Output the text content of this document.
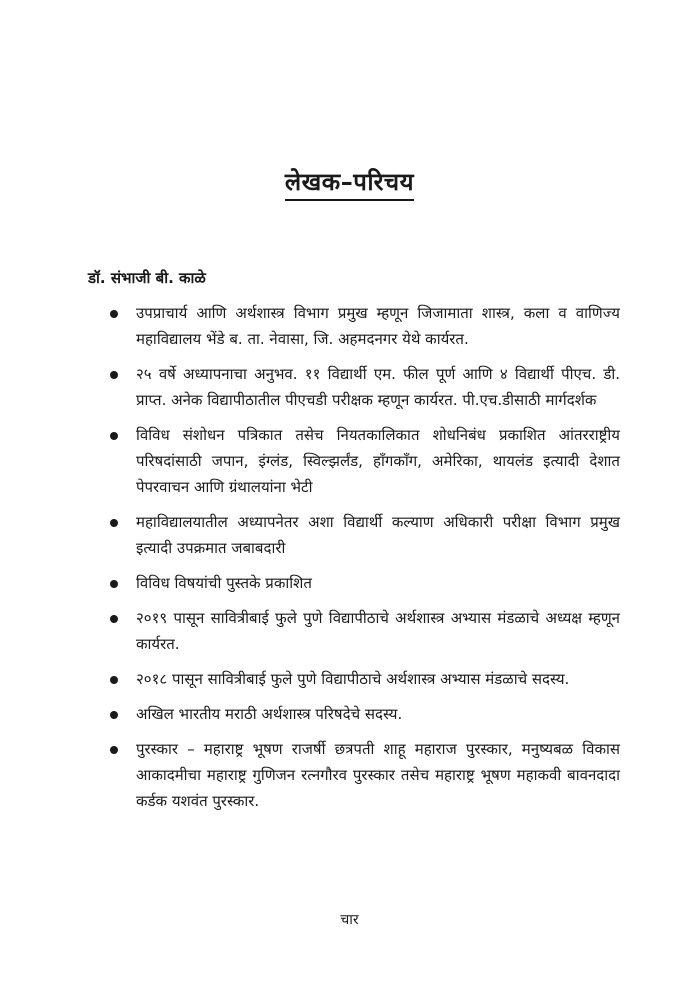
लेखक–परिचय
डॉ. संभाजी बी. काळे
उपप्राचार्य आणि अर्थशास्त्र विभाग प्रमुख म्हणून जिजामाता शास्त्र, कला व वाणिज्य महाविद्यालय भेंडे ब. ता. नेवासा, जि. अहमदनगर येथे कार्यरत.
२५ वर्षे अध्यापनाचा अनुभव. ११ विद्यार्थी एम. फील पूर्ण आणि ४ विद्यार्थी पीएच. डी. प्राप्त. अनेक विद्यापीठातील पीएचडी परीक्षक म्हणून कार्यरत. पी.एच.डीसाठी मार्गदर्शक
विविध संशोधन पत्रिकात तसेच नियतकालिकात शोधनिबंध प्रकाशित आंतरराष्ट्रीय परिषदांसाठी जपान, इंग्लंड, स्विल्झर्लंड, हाँगकाँग, अमेरिका, थायलंड इत्यादी देशात पेपरवाचन आणि ग्रंथालयांना भेटी
महाविद्यालयातील अध्यापनेतर अशा विद्यार्थी कल्याण अधिकारी परीक्षा विभाग प्रमुख इत्यादी उपक्रमात जबाबदारी
विविध विषयांची पुस्तके प्रकाशित
२०१९ पासून सावित्रीबाई फुले पुणे विद्यापीठाचे अर्थशास्त्र अभ्यास मंडळाचे अध्यक्ष म्हणून कार्यरत.
२०१८ पासून सावित्रीबाई फुले पुणे विद्यापीठाचे अर्थशास्त्र अभ्यास मंडळाचे सदस्य.
अखिल भारतीय मराठी अर्थशास्त्र परिषदेचे सदस्य.
पुरस्कार – महाराष्ट्र भूषण राजर्षी छत्रपती शाहू महाराज पुरस्कार, मनुष्यबळ विकास आकादमीचा महाराष्ट्र गुणिजन रत्नगौरव पुरस्कार तसेच महाराष्ट्र भूषण महाकवी बावनदादा कर्डक यशवंत पुरस्कार.
चार
